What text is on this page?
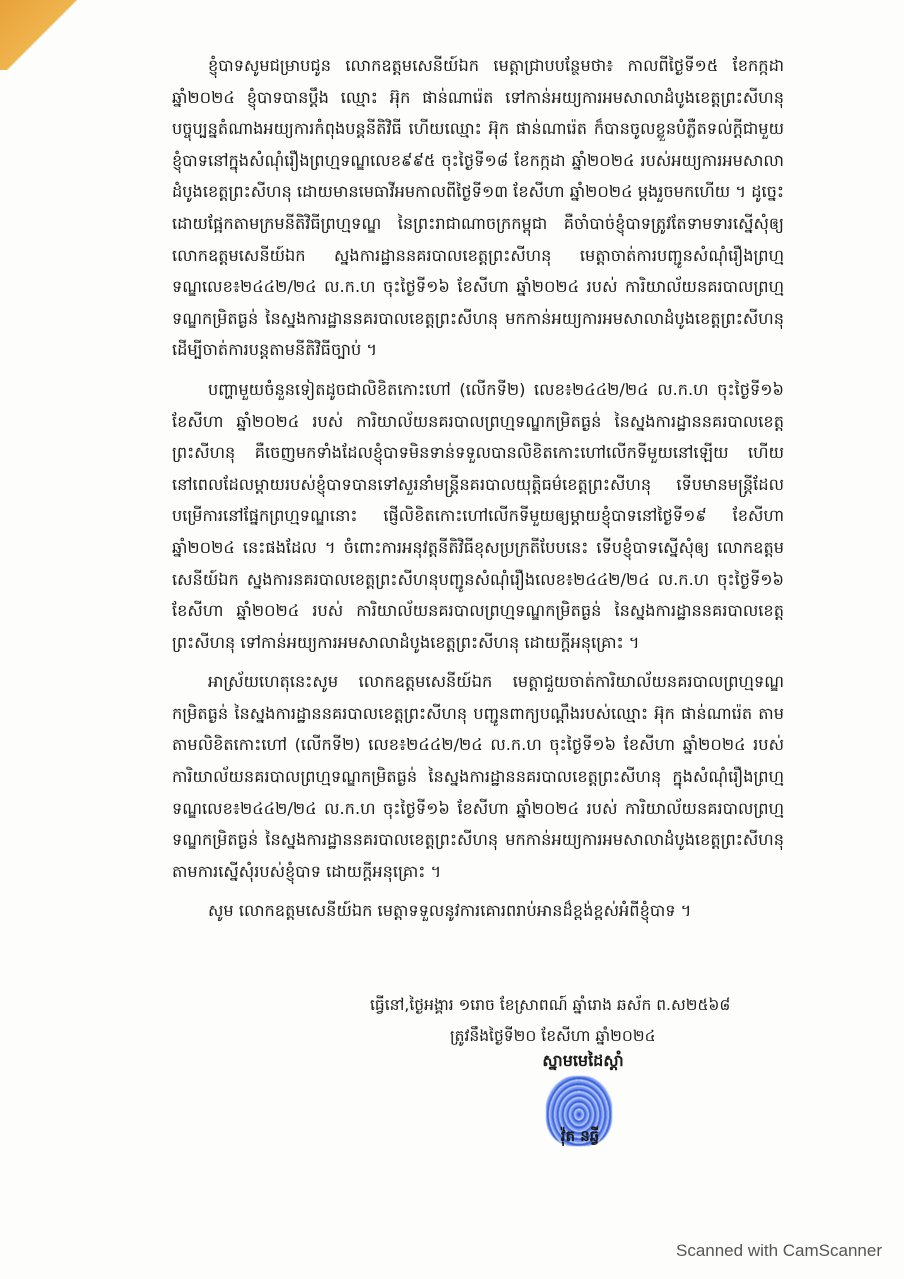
ខ្ញុំបាទសូមជម្រាបជូន លោកឧត្ដមសេនីយ៍ឯក មេត្តាជ្រាបបន្ថែមថា៖ កាលពីថ្ងៃទី១៥ ខែកក្កដា ឆ្នាំ២០២៤ ខ្ញុំបាទបានប្ដឹង ឈ្មោះ អ៊ុក ផាន់ណារ៉េត ទៅកាន់អយ្យការអមសាលាដំបូងខេត្តព្រះសីហនុ បច្ចុប្បន្នតំណាងអយ្យការកំពុងបន្តនីតិវិធី ហើយឈ្មោះ អ៊ុក ផាន់ណារ៉េត ក៏បានចូលខ្លួនបំភ្លឺតទល់ក្ដីជាមួយខ្ញុំបាទនៅក្នុងសំណុំរឿងព្រហ្មទណ្ឌលេខ៩៩៥ ចុះថ្ងៃទី១៨ ខែកក្កដា ឆ្នាំ២០២៤ របស់អយ្យការអមសាលាដំបូងខេត្តព្រះសីហនុ ដោយមានមេធាវីអមកាលពីថ្ងៃទី១៣ ខែសីហា ឆ្នាំ២០២៤ ម្ដងរួចមកហើយ ។ ដូច្នេះដោយផ្អែកតាមក្រមនីតិវិធីព្រហ្មទណ្ឌ នៃព្រះរាជាណាចក្រកម្ពុជា គឺចាំបាច់ខ្ញុំបាទត្រូវតែទាមទារស្នើសុំឲ្យ លោកឧត្ដមសេនីយ៍ឯក ស្នងការដ្ឋាននគរបាលខេត្តព្រះសីហនុ មេត្តាចាត់ការបញ្ជូនសំណុំរឿងព្រហ្មទណ្ឌលេខ៖២៤៤២/២៤ ល.ក.ហ ចុះថ្ងៃទី១៦ ខែសីហា ឆ្នាំ២០២៤ របស់ ការិយាល័យនគរបាលព្រហ្មទណ្ឌកម្រិតធ្ងន់ នៃស្នងការដ្ឋាននគរបាលខេត្តព្រះសីហនុ មកកាន់អយ្យការអមសាលាដំបូងខេត្តព្រះសីហនុ ដើម្បីចាត់ការបន្តតាមនីតិវិធីច្បាប់ ។

បញ្ហាមួយចំនួនទៀតដូចជាលិខិតកោះហៅ (លើកទី២) លេខ៖២៤៤២/២៤ ល.ក.ហ ចុះថ្ងៃទី១៦ ខែសីហា ឆ្នាំ២០២៤ របស់ ការិយាល័យនគរបាលព្រហ្មទណ្ឌកម្រិតធ្ងន់ នៃស្នងការដ្ឋាននគរបាលខេត្តព្រះសីហនុ គឺចេញមកទាំងដែលខ្ញុំបាទមិនទាន់ទទួលបានលិខិតកោះហៅលើកទីមួយនៅឡើយ ហើយនៅពេលដែលម្ដាយរបស់ខ្ញុំបាទបានទៅសួរនាំមន្ត្រីនគរបាលយុត្តិធម៌ខេត្តព្រះសីហនុ ទើបមានមន្ត្រីដែលបម្រើការនៅផ្នែកព្រហ្មទណ្ឌនោះ ផ្ញើលិខិតកោះហៅលើកទីមួយឲ្យម្ដាយខ្ញុំបាទនៅថ្ងៃទី១៩ ខែសីហា ឆ្នាំ២០២៤ នេះផងដែល ។ ចំពោះការអនុវត្តនីតិវិធីខុសប្រក្រតីបែបនេះ ទើបខ្ញុំបាទស្នើសុំឲ្យ លោកឧត្ដមសេនីយ៍ឯក ស្នងការនគរបាលខេត្តព្រះសីហនុបញ្ជូនសំណុំរឿងលេខ៖២៤៤២/២៤ ល.ក.ហ ចុះថ្ងៃទី១៦ ខែសីហា ឆ្នាំ២០២៤ របស់ ការិយាល័យនគរបាលព្រហ្មទណ្ឌកម្រិតធ្ងន់ នៃស្នងការដ្ឋាននគរបាលខេត្តព្រះសីហនុ ទៅកាន់អយ្យការអមសាលាដំបូងខេត្តព្រះសីហនុ ដោយក្ដីអនុគ្រោះ ។

អាស្រ័យហេតុនេះសូម លោកឧត្ដមសេនីយ៍ឯក មេត្តាជួយចាត់ការិយាល័យនគរបាលព្រហ្មទណ្ឌកម្រិតធ្ងន់ នៃស្នងការដ្ឋាននគរបាលខេត្តព្រះសីហនុ បញ្ជូនពាក្យបណ្ដឹងរបស់ឈ្មោះ អ៊ុក ផាន់ណារ៉េត តាមតាមលិខិតកោះហៅ (លើកទី២) លេខ៖២៤៤២/២៤ ល.ក.ហ ចុះថ្ងៃទី១៦ ខែសីហា ឆ្នាំ២០២៤ របស់ ការិយាល័យនគរបាលព្រហ្មទណ្ឌកម្រិតធ្ងន់ នៃស្នងការដ្ឋាននគរបាលខេត្តព្រះសីហនុ ក្នុងសំណុំរឿងព្រហ្មទណ្ឌលេខ៖២៤៤២/២៤ ល.ក.ហ ចុះថ្ងៃទី១៦ ខែសីហា ឆ្នាំ២០២៤ របស់ ការិយាល័យនគរបាលព្រហ្មទណ្ឌកម្រិតធ្ងន់ នៃស្នងការដ្ឋាននគរបាលខេត្តព្រះសីហនុ មកកាន់អយ្យការអមសាលាដំបូងខេត្តព្រះសីហនុ តាមការស្នើសុំរបស់ខ្ញុំបាទ ដោយក្ដីអនុគ្រោះ ។

សូម លោកឧត្ដមសេនីយ៍ឯក មេត្តាទទួលនូវការគោរពរាប់អានដ៏ខ្ពង់ខ្ពស់អំពីខ្ញុំបាទ ។

ធ្វើនៅ,ថ្ងៃអង្គារ ១រោច ខែស្រាពណ៍ ឆ្នាំរោង ឆស័ក ព.ស២៥៦៨
ត្រូវនឹងថ្ងៃទី២០ ខែសីហា ឆ្នាំ២០២៤
ស្នាមមេដៃស្ដាំ
វ៉ុត នឆ្វី
Scanned with CamScanner
